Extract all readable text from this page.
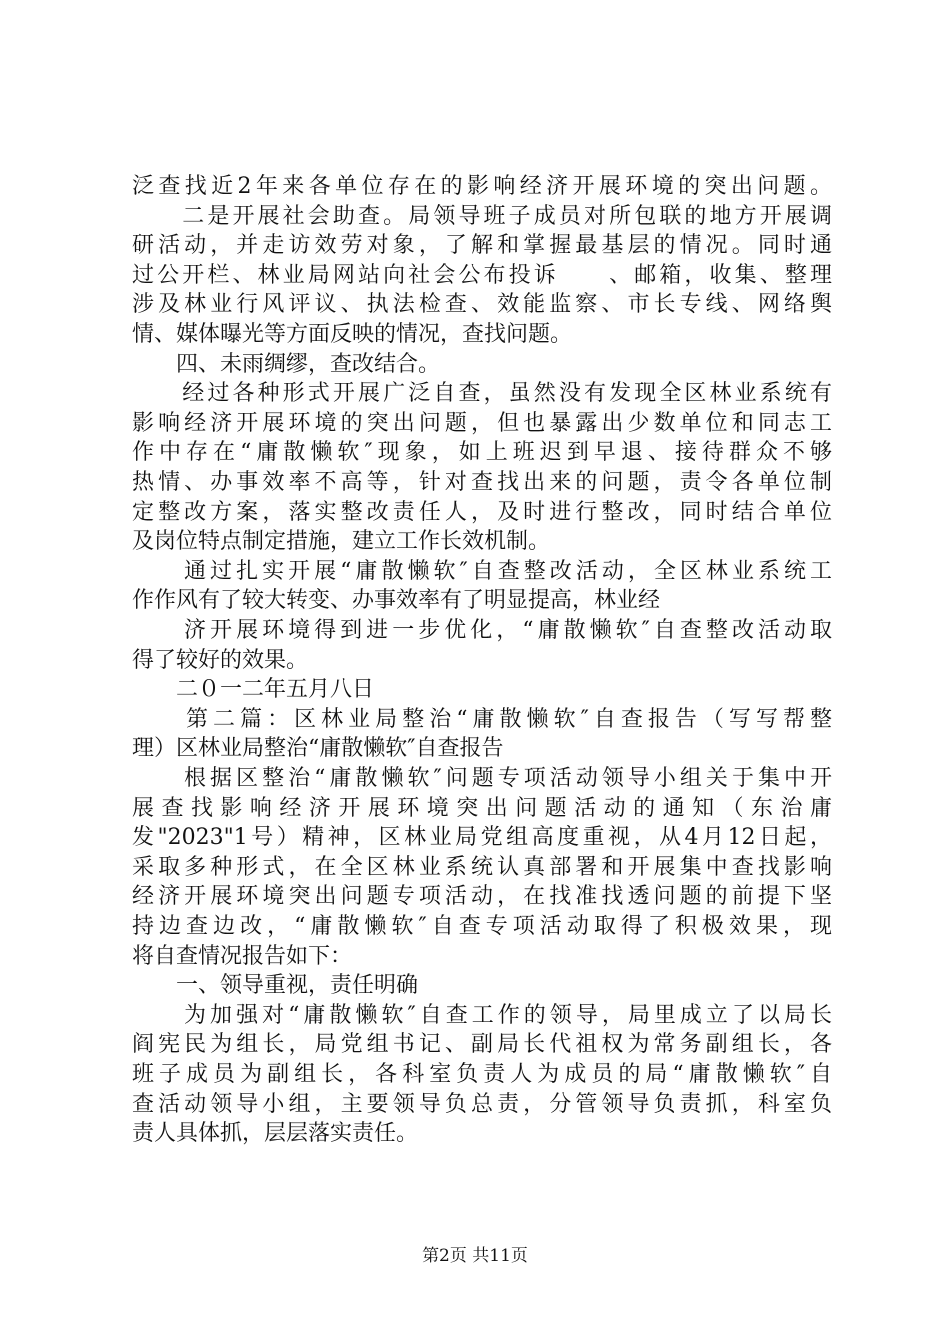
泛查找近2年来各单位存在的影响经济开展环境的突出问题。
　　二是开展社会助查。局领导班子成员对所包联的地方开展调
研活动，并走访效劳对象，了解和掌握最基层的情况。同时通
过公开栏、林业局网站向社会公布投诉　　、邮箱，收集、整理
涉及林业行风评议、执法检查、效能监察、市长专线、网络舆
情、媒体曝光等方面反映的情况，查找问题。
　　四、未雨绸缪，查改结合。
　　经过各种形式开展广泛自查，虽然没有发现全区林业系统有
影响经济开展环境的突出问题，但也暴露出少数单位和同志工
作中存在“庸散懒软″现象，如上班迟到早退、接待群众不够
热情、办事效率不高等，针对查找出来的问题，责令各单位制
定整改方案，落实整改责任人，及时进行整改，同时结合单位
及岗位特点制定措施，建立工作长效机制。
　　通过扎实开展“庸散懒软″自查整改活动，全区林业系统工
作作风有了较大转变、办事效率有了明显提高，林业经
　　济开展环境得到进一步优化，“庸散懒软″自查整改活动取
得了较好的效果。
　　二０一二年五月八日
　　第二篇：区林业局整治“庸散懒软″自查报告（写写帮整
理）区林业局整治“庸散懒软″自查报告
　　根据区整治“庸散懒软″问题专项活动领导小组关于集中开
展查找影响经济开展环境突出问题活动的通知（东治庸
发"2023"1号）精神，区林业局党组高度重视，从4月12日起，
采取多种形式，在全区林业系统认真部署和开展集中查找影响
经济开展环境突出问题专项活动，在找准找透问题的前提下坚
持边查边改，“庸散懒软″自查专项活动取得了积极效果，现
将自查情况报告如下：
　　一、领导重视，责任明确
　　为加强对“庸散懒软″自查工作的领导，局里成立了以局长
阎宪民为组长，局党组书记、副局长代祖权为常务副组长，各
班子成员为副组长，各科室负责人为成员的局“庸散懒软″自
查活动领导小组，主要领导负总责，分管领导负责抓，科室负
责人具体抓，层层落实责任。
第2页 共11页
